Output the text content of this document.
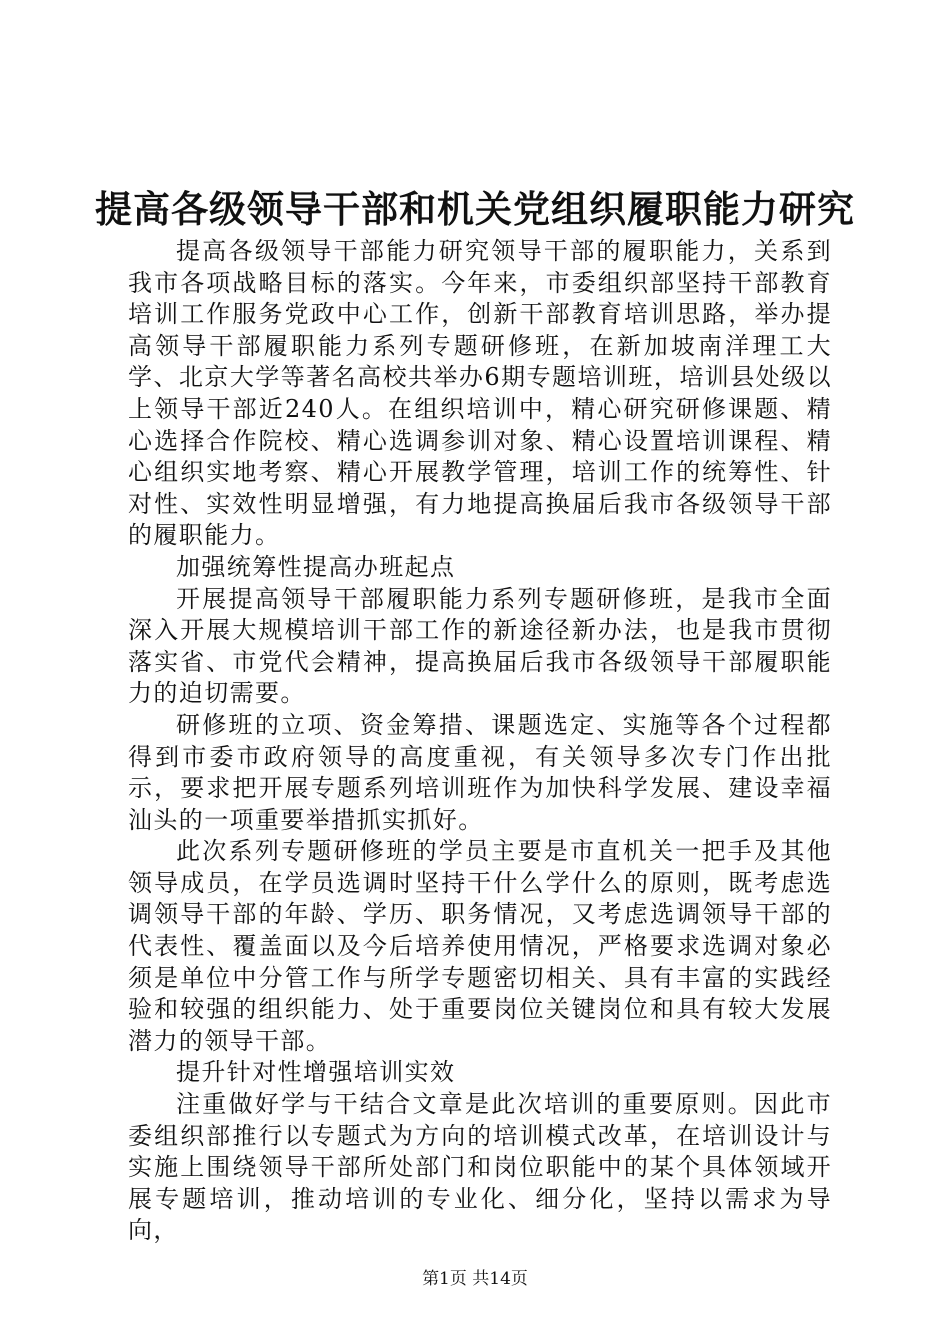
提高各级领导干部和机关党组织履职能力研究

提高各级领导干部能力研究领导干部的履职能力，关系到我市各项战略目标的落实。今年来，市委组织部坚持干部教育培训工作服务党政中心工作，创新干部教育培训思路，举办提高领导干部履职能力系列专题研修班，在新加坡南洋理工大学、北京大学等著名高校共举办6期专题培训班，培训县处级以上领导干部近240人。在组织培训中，精心研究研修课题、精心选择合作院校、精心选调参训对象、精心设置培训课程、精心组织实地考察、精心开展教学管理，培训工作的统筹性、针对性、实效性明显增强，有力地提高换届后我市各级领导干部的履职能力。

加强统筹性提高办班起点

开展提高领导干部履职能力系列专题研修班，是我市全面深入开展大规模培训干部工作的新途径新办法，也是我市贯彻落实省、市党代会精神，提高换届后我市各级领导干部履职能力的迫切需要。

研修班的立项、资金筹措、课题选定、实施等各个过程都得到市委市政府领导的高度重视，有关领导多次专门作出批示，要求把开展专题系列培训班作为加快科学发展、建设幸福汕头的一项重要举措抓实抓好。

此次系列专题研修班的学员主要是市直机关一把手及其他领导成员，在学员选调时坚持干什么学什么的原则，既考虑选调领导干部的年龄、学历、职务情况，又考虑选调领导干部的代表性、覆盖面以及今后培养使用情况，严格要求选调对象必须是单位中分管工作与所学专题密切相关、具有丰富的实践经验和较强的组织能力、处于重要岗位关键岗位和具有较大发展潜力的领导干部。

提升针对性增强培训实效

注重做好学与干结合文章是此次培训的重要原则。因此市委组织部推行以专题式为方向的培训模式改革，在培训设计与实施上围绕领导干部所处部门和岗位职能中的某个具体领域开展专题培训，推动培训的专业化、细分化，坚持以需求为导向，

第1页 共14页
